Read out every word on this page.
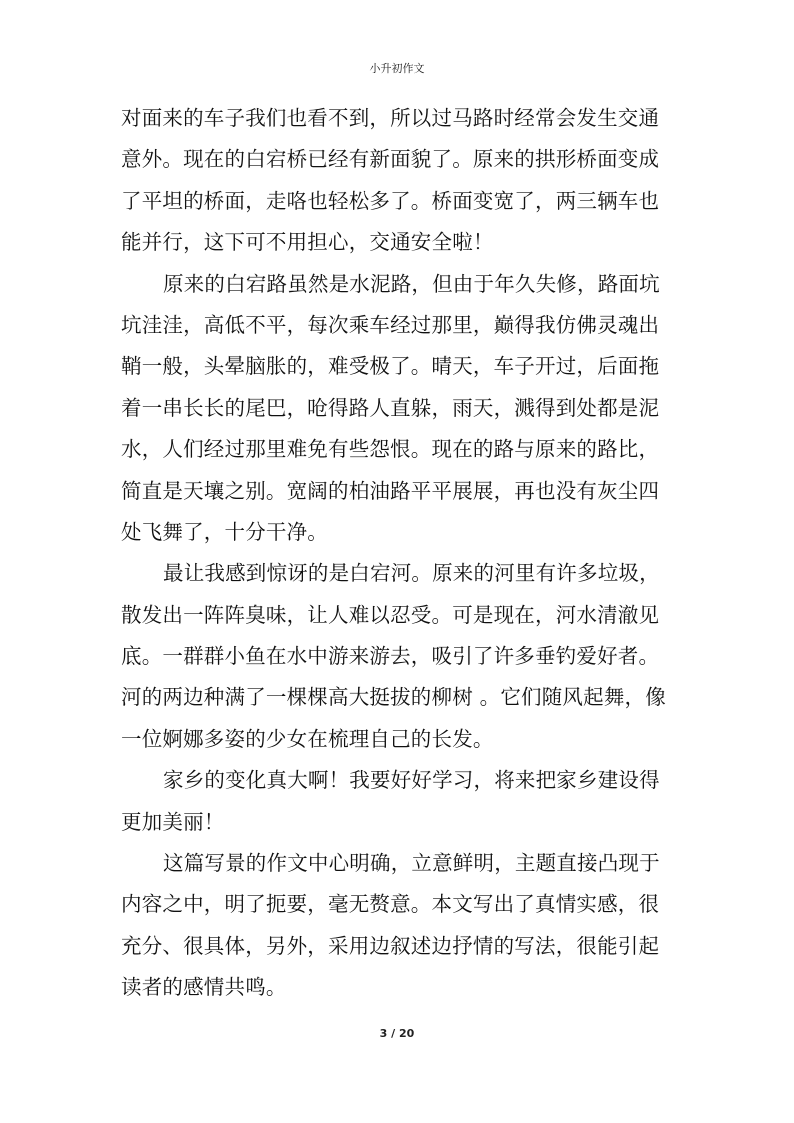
小升初作文
对面来的车子我们也看不到，所以过马路时经常会发生交通
意外。现在的白宕桥已经有新面貌了。原来的拱形桥面变成
了平坦的桥面，走咯也轻松多了。桥面变宽了，两三辆车也
能并行，这下可不用担心，交通安全啦！
原来的白宕路虽然是水泥路，但由于年久失修，路面坑
坑洼洼，高低不平，每次乘车经过那里，巅得我仿佛灵魂出
鞘一般，头晕脑胀的，难受极了。晴天，车子开过，后面拖
着一串长长的尾巴，呛得路人直躲，雨天，溅得到处都是泥
水，人们经过那里难免有些怨恨。现在的路与原来的路比，
简直是天壤之别。宽阔的柏油路平平展展，再也没有灰尘四
处飞舞了，十分干净。
最让我感到惊讶的是白宕河。原来的河里有许多垃圾，
散发出一阵阵臭味，让人难以忍受。可是现在，河水清澈见
底。一群群小鱼在水中游来游去，吸引了许多垂钓爱好者。
河的两边种满了一棵棵高大挺拔的柳树 。它们随风起舞，像
一位婀娜多姿的少女在梳理自己的长发。
家乡的变化真大啊！我要好好学习，将来把家乡建设得
更加美丽！
这篇写景的作文中心明确，立意鲜明，主题直接凸现于
内容之中，明了扼要，毫无赘意。本文写出了真情实感，很
充分、很具体，另外，采用边叙述边抒情的写法，很能引起
读者的感情共鸣。
3 / 20
